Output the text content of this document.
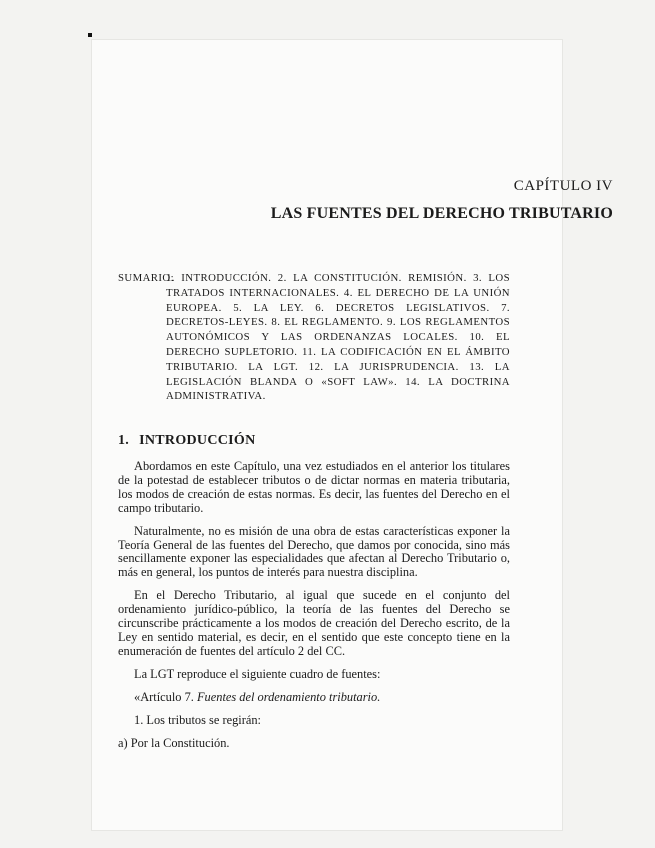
CAPÍTULO IV
LAS FUENTES DEL DERECHO TRIBUTARIO
SUMARIO:
1. INTRODUCCIÓN. 2. LA CONSTITUCIÓN. REMISIÓN. 3. LOS TRATADOS INTERNACIONALES. 4. EL DERECHO DE LA UNIÓN EUROPEA. 5. LA LEY. 6. DECRETOS LEGISLATIVOS. 7. DECRETOS-LEYES. 8. EL REGLAMENTO. 9. LOS REGLAMENTOS AUTONÓMICOS Y LAS ORDENANZAS LOCALES. 10. EL DERECHO SUPLETORIO. 11. LA CODIFICACIÓN EN EL ÁMBITO TRIBUTARIO. LA LGT. 12. LA JURISPRUDENCIA. 13. LA LEGISLACIÓN BLANDA O «SOFT LAW». 14. LA DOCTRINA ADMINISTRATIVA.
1. INTRODUCCIÓN

Abordamos en este Capítulo, una vez estudiados en el anterior los titulares de la potestad de establecer tributos o de dictar normas en materia tributaria, los modos de creación de estas normas. Es decir, las fuentes del Derecho en el campo tributario.

Naturalmente, no es misión de una obra de estas características exponer la Teoría General de las fuentes del Derecho, que damos por conocida, sino más sencillamente exponer las especialidades que afectan al Derecho Tributario o, más en general, los puntos de interés para nuestra disciplina.

En el Derecho Tributario, al igual que sucede en el conjunto del ordenamiento jurídico-público, la teoría de las fuentes del Derecho se circunscribe prácticamente a los modos de creación del Derecho escrito, de la Ley en sentido material, es decir, en el sentido que este concepto tiene en la enumeración de fuentes del artículo 2 del CC.

La LGT reproduce el siguiente cuadro de fuentes:

«Artículo 7. Fuentes del ordenamiento tributario.

1. Los tributos se regirán:

a) Por la Constitución.
